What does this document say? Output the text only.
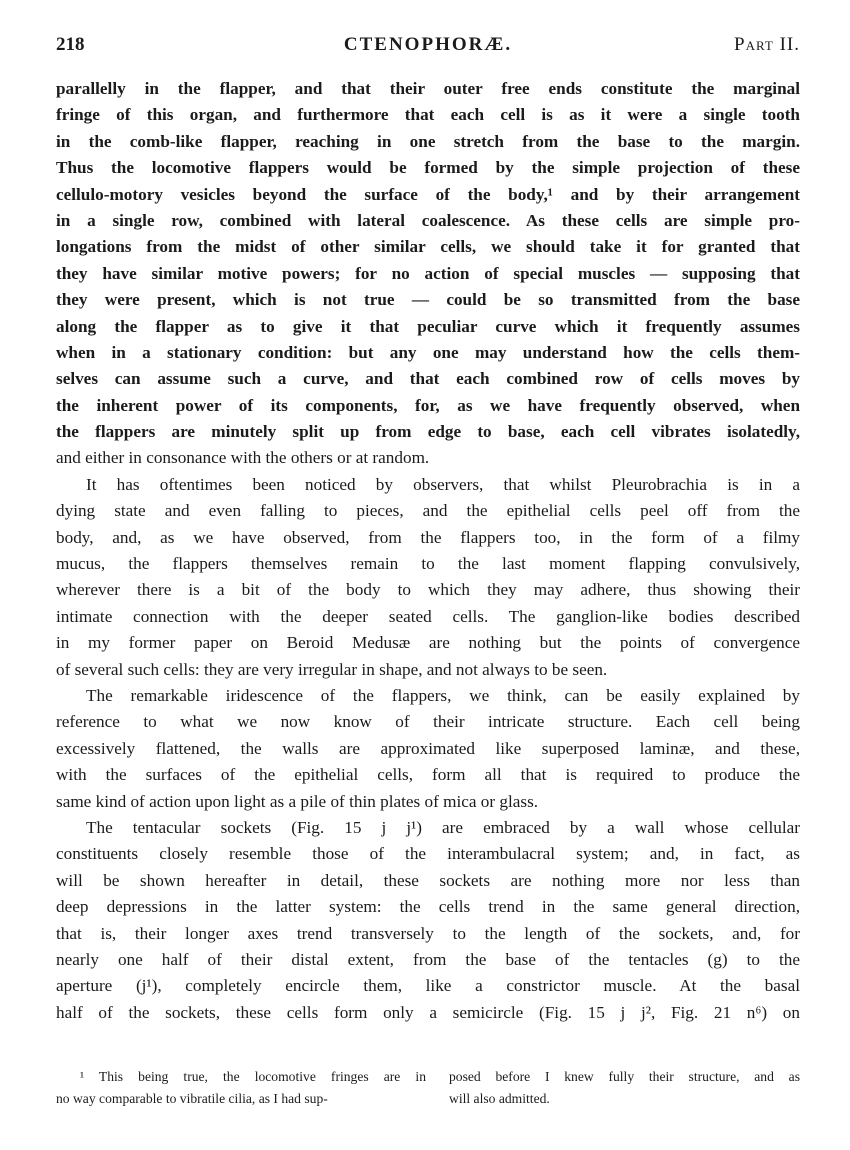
218	CTENOPHORÆ.	Part II.
parallelly in the flapper, and that their outer free ends constitute the marginal
fringe of this organ, and furthermore that each cell is as it were a single tooth
in the comb-like flapper, reaching in one stretch from the base to the margin.
Thus the locomotive flappers would be formed by the simple projection of these
cellulo-motory vesicles beyond the surface of the body,¹ and by their arrangement
in a single row, combined with lateral coalescence. As these cells are simple pro-
longations from the midst of other similar cells, we should take it for granted that
they have similar motive powers; for no action of special muscles — supposing that
they were present, which is not true — could be so transmitted from the base
along the flapper as to give it that peculiar curve which it frequently assumes
when in a stationary condition: but any one may understand how the cells them-
selves can assume such a curve, and that each combined row of cells moves by
the inherent power of its components, for, as we have frequently observed, when
the flappers are minutely split up from edge to base, each cell vibrates isolatedly,
and either in consonance with the others or at random.
It has oftentimes been noticed by observers, that whilst Pleurobrachia is in a
dying state and even falling to pieces, and the epithelial cells peel off from the
body, and, as we have observed, from the flappers too, in the form of a filmy
mucus, the flappers themselves remain to the last moment flapping convulsively,
wherever there is a bit of the body to which they may adhere, thus showing their
intimate connection with the deeper seated cells. The ganglion-like bodies described
in my former paper on Beroid Medusæ are nothing but the points of convergence
of several such cells: they are very irregular in shape, and not always to be seen.
The remarkable iridescence of the flappers, we think, can be easily explained by
reference to what we now know of their intricate structure. Each cell being
excessively flattened, the walls are approximated like superposed laminæ, and these,
with the surfaces of the epithelial cells, form all that is required to produce the
same kind of action upon light as a pile of thin plates of mica or glass.
The tentacular sockets (Fig. 15 j j¹) are embraced by a wall whose cellular
constituents closely resemble those of the interambulacral system; and, in fact, as
will be shown hereafter in detail, these sockets are nothing more nor less than
deep depressions in the latter system: the cells trend in the same general direction,
that is, their longer axes trend transversely to the length of the sockets, and, for
nearly one half of their distal extent, from the base of the tentacles (g) to the
aperture (j¹), completely encircle them, like a constrictor muscle. At the basal
half of the sockets, these cells form only a semicircle (Fig. 15 j j², Fig. 21 n⁶) on
¹ This being true, the locomotive fringes are in
no way comparable to vibratile cilia, as I had sup-
posed before I knew fully their structure, and as
will also admitted.
